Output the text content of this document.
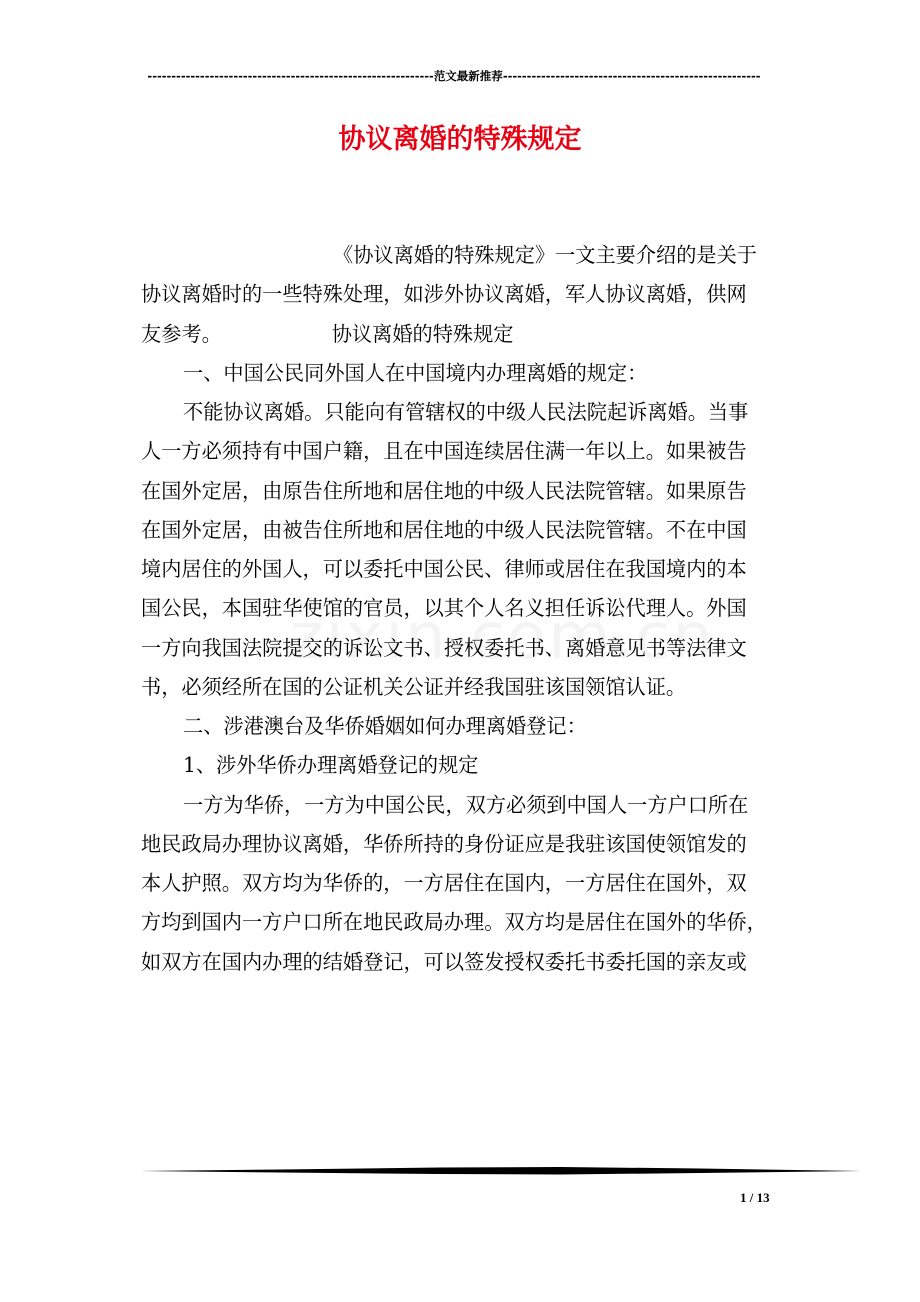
------------------------------------------------------------范文最新推荐------------------------------------------------------
协议离婚的特殊规定
《协议离婚的特殊规定》一文主要介绍的是关于
协议离婚时的一些特殊处理，如涉外协议离婚，军人协议离婚，供网
友参考。	协议离婚的特殊规定
一、中国公民同外国人在中国境内办理离婚的规定：
不能协议离婚。只能向有管辖权的中级人民法院起诉离婚。当事
人一方必须持有中国户籍，且在中国连续居住满一年以上。如果被告
在国外定居，由原告住所地和居住地的中级人民法院管辖。如果原告
在国外定居，由被告住所地和居住地的中级人民法院管辖。不在中国
境内居住的外国人，可以委托中国公民、律师或居住在我国境内的本
国公民，本国驻华使馆的官员，以其个人名义担任诉讼代理人。外国
一方向我国法院提交的诉讼文书、授权委托书、离婚意见书等法律文
书，必须经所在国的公证机关公证并经我国驻该国领馆认证。
二、涉港澳台及华侨婚姻如何办理离婚登记：
1、涉外华侨办理离婚登记的规定
一方为华侨，一方为中国公民，双方必须到中国人一方户口所在
地民政局办理协议离婚，华侨所持的身份证应是我驻该国使领馆发的
本人护照。双方均为华侨的，一方居住在国内，一方居住在国外，双
方均到国内一方户口所在地民政局办理。双方均是居住在国外的华侨，
如双方在国内办理的结婚登记，可以签发授权委托书委托国的亲友或
1 / 13
